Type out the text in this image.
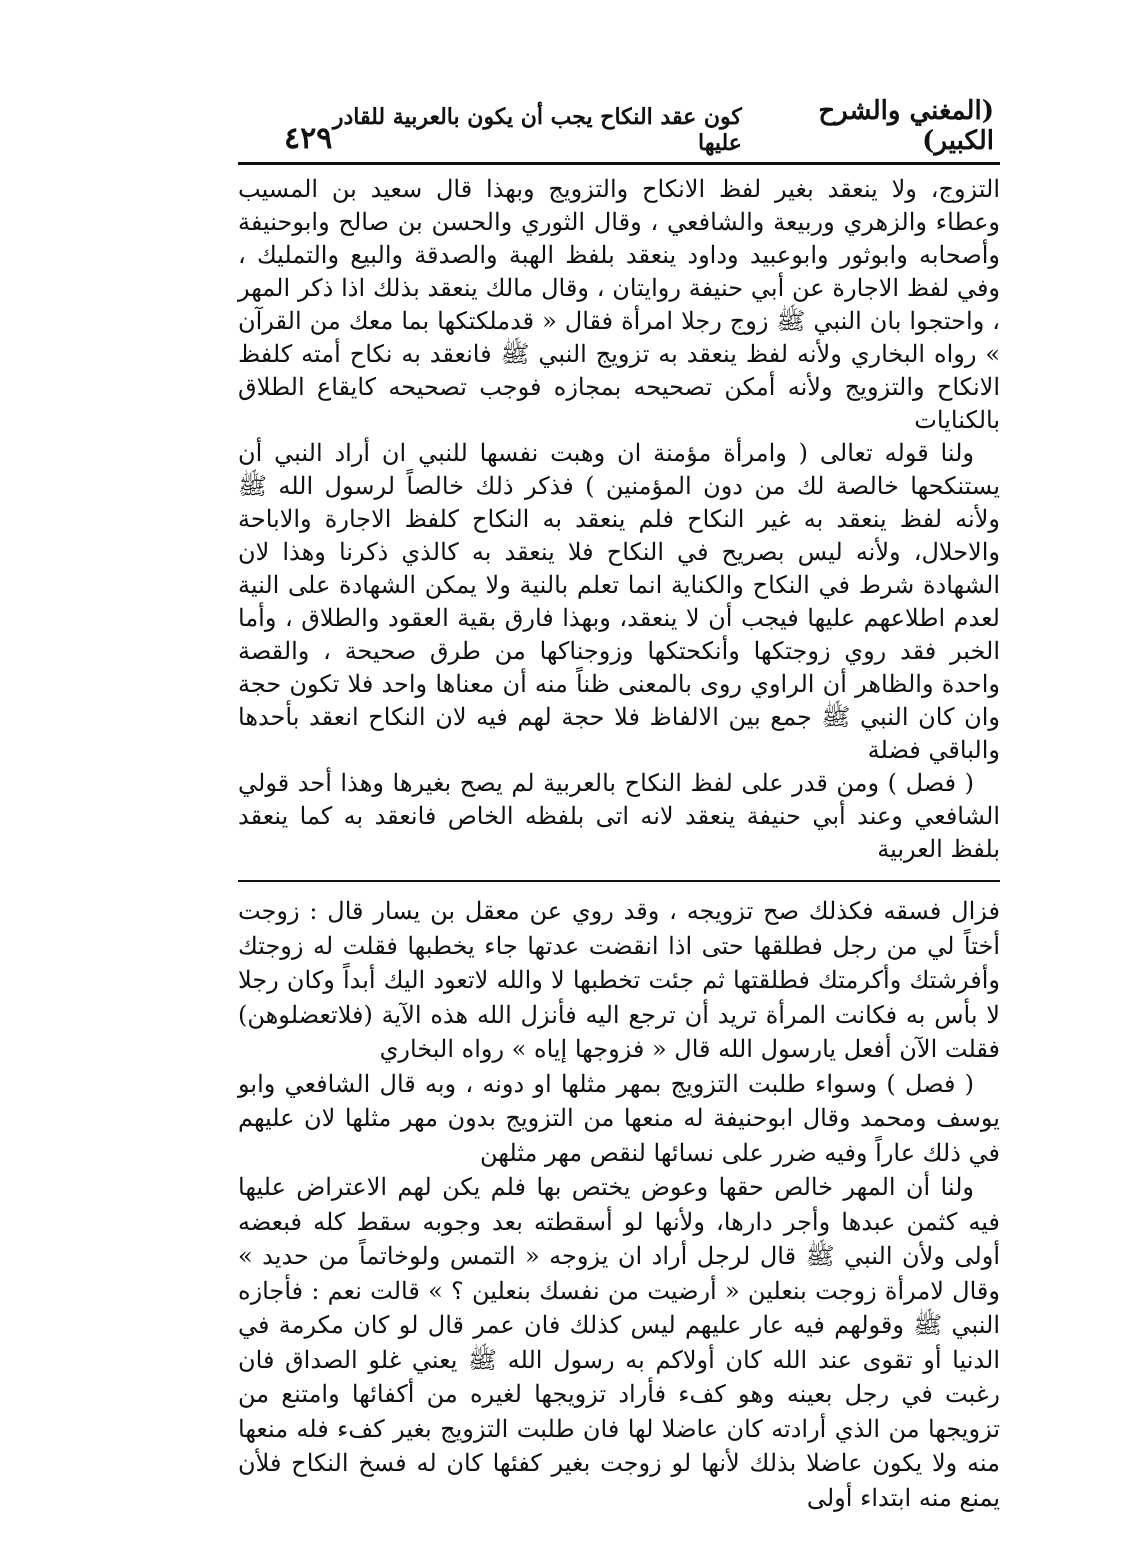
(المغني والشرح الكبير)
كون عقد النكاح يجب أن يكون بالعربية للقادر عليها
٤٢٩

التزوج، ولا ينعقد بغير لفظ الانكاح والتزويج وبهذا قال سعيد بن المسيب وعطاء والزهري وربيعة والشافعي ، وقال الثوري والحسن بن صالح وابوحنيفة وأصحابه وابوثور وابوعبيد وداود ينعقد بلفظ الهبة والصدقة والبيع والتمليك ، وفي لفظ الاجارة عن أبي حنيفة روايتان ، وقال مالك ينعقد بذلك اذا ذكر المهر ، واحتجوا بان النبي ﷺ زوج رجلا امرأة فقال « قدملكتكها بما معك من القرآن » رواه البخاري ولأنه لفظ ينعقد به تزويج النبي ﷺ فانعقد به نكاح أمته كلفظ الانكاح والتزويج ولأنه أمكن تصحيحه بمجازه فوجب تصحيحه كايقاع الطلاق بالكنايات

ولنا قوله تعالى ( وامرأة مؤمنة ان وهبت نفسها للنبي ان أراد النبي أن يستنكحها خالصة لك من دون المؤمنين ) فذكر ذلك خالصاً لرسول الله ﷺ ولأنه لفظ ينعقد به غير النكاح فلم ينعقد به النكاح كلفظ الاجارة والاباحة والاحلال، ولأنه ليس بصريح في النكاح فلا ينعقد به كالذي ذكرنا وهذا لان الشهادة شرط في النكاح والكناية انما تعلم بالنية ولا يمكن الشهادة على النية لعدم اطلاعهم عليها فيجب أن لا ينعقد، وبهذا فارق بقية العقود والطلاق ، وأما الخبر فقد روي زوجتكها وأنكحتكها وزوجناكها من طرق صحيحة ، والقصة واحدة والظاهر أن الراوي روى بالمعنى ظناً منه أن معناها واحد فلا تكون حجة وان كان النبي ﷺ جمع بين الالفاظ فلا حجة لهم فيه لان النكاح انعقد بأحدها والباقي فضلة

( فصل ) ومن قدر على لفظ النكاح بالعربية لم يصح بغيرها وهذا أحد قولي الشافعي وعند أبي حنيفة ينعقد لانه اتى بلفظه الخاص فانعقد به كما ينعقد بلفظ العربية

فزال فسقه فكذلك صح تزويجه ، وقد روي عن معقل بن يسار قال : زوجت أختاً لي من رجل فطلقها حتى اذا انقضت عدتها جاء يخطبها فقلت له زوجتك وأفرشتك وأكرمتك فطلقتها ثم جئت تخطبها لا والله لاتعود اليك أبداً وكان رجلا لا بأس به فكانت المرأة تريد أن ترجع اليه فأنزل الله هذه الآية (فلاتعضلوهن) فقلت الآن أفعل يارسول الله قال « فزوجها إياه » رواه البخاري

( فصل ) وسواء طلبت التزويج بمهر مثلها او دونه ، وبه قال الشافعي وابو يوسف ومحمد وقال ابوحنيفة له منعها من التزويج بدون مهر مثلها لان عليهم في ذلك عاراً وفيه ضرر على نسائها لنقص مهر مثلهن

ولنا أن المهر خالص حقها وعوض يختص بها فلم يكن لهم الاعتراض عليها فيه كثمن عبدها وأجر دارها، ولأنها لو أسقطته بعد وجوبه سقط كله فبعضه أولى ولأن النبي ﷺ قال لرجل أراد ان يزوجه « التمس ولوخاتماً من حديد » وقال لامرأة زوجت بنعلين « أرضيت من نفسك بنعلين ؟ » قالت نعم : فأجازه النبي ﷺ وقولهم فيه عار عليهم ليس كذلك فان عمر قال لو كان مكرمة في الدنيا أو تقوى عند الله كان أولاكم به رسول الله ﷺ يعني غلو الصداق فان رغبت في رجل بعينه وهو كفء فأراد تزويجها لغيره من أكفائها وامتنع من تزويجها من الذي أرادته كان عاضلا لها فان طلبت التزويج بغير كفء فله منعها منه ولا يكون عاضلا بذلك لأنها لو زوجت بغير كفئها كان له فسخ النكاح فلأن يمنع منه ابتداء أولى
